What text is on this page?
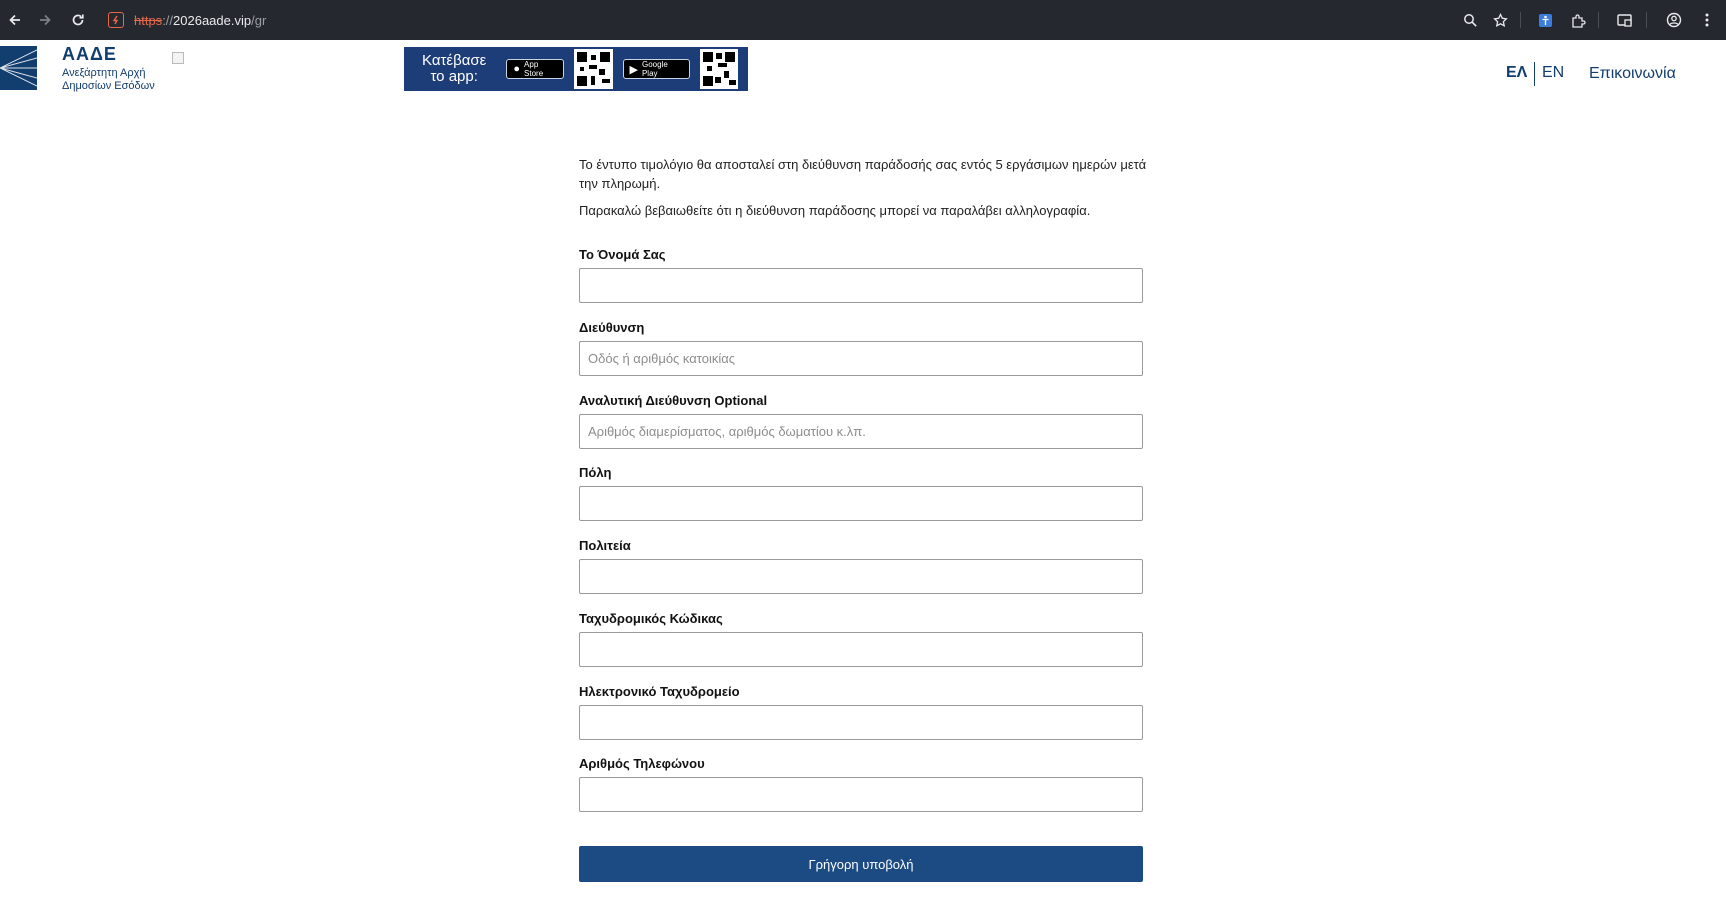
https :// 2026aade.vip /gr
ΑΑΔΕ
Ανεξάρτητη Αρχή
Δημοσίων Εσόδων
Κατέβασε το app:	● App Store	▶ Google Play	ΕΛ EN Επικοινωνία
Το έντυπο τιμολόγιο θα αποσταλεί στη διεύθυνση παράδοσής σας εντός 5 εργάσιμων ημερών μετά την πληρωμή.
Παρακαλώ βεβαιωθείτε ότι η διεύθυνση παράδοσης μπορεί να παραλάβει αλληλογραφία.
Το Όνομά Σας
Διεύθυνση
Οδός ή αριθμός κατοικίας
Αναλυτική Διεύθυνση Optional
Αριθμός διαμερίσματος, αριθμός δωματίου κ.λπ.
Πόλη
Πολιτεία
Ταχυδρομικός Κώδικας
Ηλεκτρονικό Ταχυδρομείο
Αριθμός Τηλεφώνου
Γρήγορη υποβολή
